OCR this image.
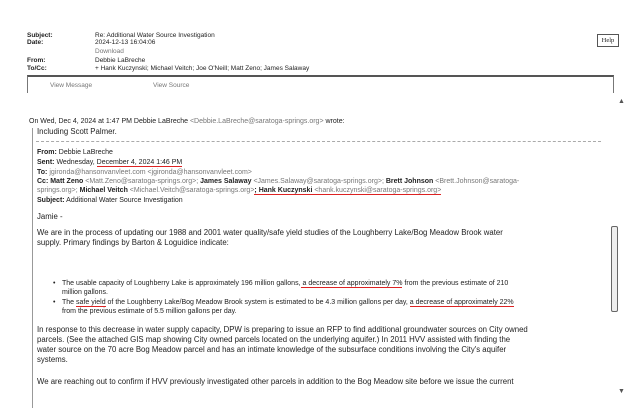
Subject:	Re: Additional Water Source Investigation
Date:	2024-12-13 16:04:06
Download
From:	Debbie LaBreche
To/Cc:	+ Hank Kuczynski; Michael Veitch; Joe O'Neill; Matt Zeno; James Salaway
Help
View Message	View Source
▲
On Wed, Dec 4, 2024 at 1:47 PM Debbie LaBreche <Debbie.LaBreche@saratoga-springs.org> wrote:
Including Scott Palmer.
From: Debbie LaBreche
Sent: Wednesday, December 4, 2024 1:46 PM
To: jgironda@hansonvanvleet.com <jgironda@hansonvanvleet.com>
Cc: Matt Zeno <Matt.Zeno@saratoga-springs.org>; James Salaway <James.Salaway@saratoga-springs.org>; Brett Johnson <Brett.Johnson@saratoga-
springs.org>; Michael Veitch <Michael.Veitch@saratoga-springs.org>; Hank Kuczynski <hank.kuczynski@saratoga-springs.org>
Subject: Additional Water Source Investigation
Jamie -
We are in the process of updating our 1988 and 2001 water quality/safe yield studies of the Loughberry Lake/Bog Meadow Brook water
supply. Primary findings by Barton & Loguidice indicate:
• The usable capacity of Loughberry Lake is approximately 196 million gallons, a decrease of approximately 7% from the previous estimate of 210
million gallons.
• The safe yield of the Loughberry Lake/Bog Meadow Brook system is estimated to be 4.3 million gallons per day, a decrease of approximately 22%
from the previous estimate of 5.5 million gallons per day.
In response to this decrease in water supply capacity, DPW is preparing to issue an RFP to find additional groundwater sources on City owned
parcels. (See the attached GIS map showing City owned parcels located on the underlying aquifer.) In 2011 HVV assisted with finding the
water source on the 70 acre Bog Meadow parcel and has an intimate knowledge of the subsurface conditions involving the City's aquifer
systems.
We are reaching out to confirm if HVV previously investigated other parcels in addition to the Bog Meadow site before we issue the current
▼
